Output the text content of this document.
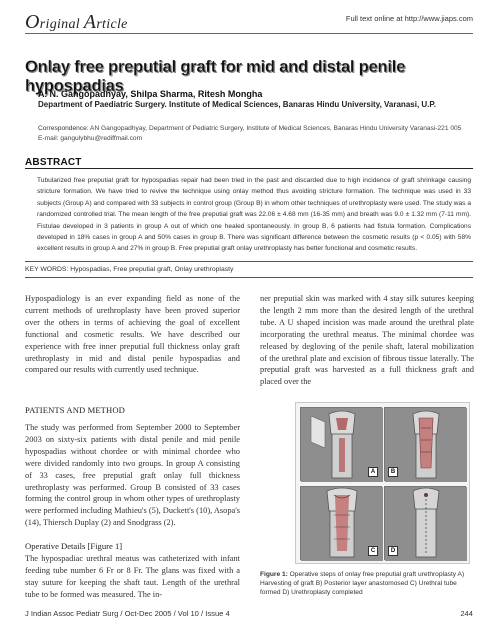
Original Article	Full text online at http://www.jiaps.com
Onlay free preputial graft for mid and distal penile hypospadias
A. N. Gangopadhyay, Shilpa Sharma, Ritesh Mongha
Department of Paediatric Surgery. Institute of Medical Sciences, Banaras Hindu University, Varanasi, U.P.
Correspondence: AN Gangopadhyay, Department of Pediatric Surgery, Institute of Medical Sciences, Banaras Hindu University Varanasi-221 005 E-mail: gangulybhu@rediffmail.com
ABSTRACT
Tubularized free preputial graft for hypospadias repair had been tried in the past and discarded due to high incidence of graft shrinkage causing stricture formation. We have tried to revive the technique using onlay method thus avoiding stricture formation. The technique was used in 33 subjects (Group A) and compared with 33 subjects in control group (Group B) in whom other techniques of urethroplasty were used. The study was a randomized controlled trial. The mean length of the free preputial graft was 22.06 ± 4.68 mm (16-35 mm) and breath was 9.0 ± 1.32 mm (7-11 mm). Fistulae developed in 3 patients in group A out of which one healed spontaneously. In group B, 6 patients had fistula formation. Complications developed in 18% cases in group A and 50% cases in group B. There was significant difference between the cosmetic results (p < 0.05) with 58% excellent results in group A and 27% in group B. Free preputial graft onlay urethroplasty has better functional and cosmetic results.
KEY WORDS: Hypospadias, Free preputial graft, Onlay urethroplasty
Hypospadiology is an ever expanding field as none of the current methods of urethroplasty have been proved superior over the others in terms of achieving the goal of excellent functional and cosmetic results. We have described our experience with free inner preputial full thickness onlay graft urethroplasty in mid and distal penile hypospadias and compared our results with currently used technique.
ner preputial skin was marked with 4 stay silk sutures keeping the length 2 mm more than the desired length of the urethral tube. A U shaped incision was made around the urethral plate incorporating the urethral meatus. The minimal chordee was released by degloving of the penile shaft, lateral mobilization of the urethral plate and excision of fibrous tissue laterally. The preputial graft was harvested as a full thickness graft and placed over the
PATIENTS AND METHOD
The study was performed from September 2000 to September 2003 on sixty-six patients with distal penile and mid penile hypospadias without chordee or with minimal chordee who were divided randomly into two groups. In group A consisting of 33 cases, free preputial graft onlay full thickness urethroplasty was performed. Group B consisted of 33 cases forming the control group in whom other types of urethroplasty were performed including Mathieu's (5), Duckett's (10), Asopa's (14), Thiersch Duplay (2) and Snodgrass (2).
Operative Details [Figure 1]
The hypospadiac urethral meatus was catheterized with infant feeding tube number 6 Fr or 8 Fr. The glans was fixed with a stay suture for keeping the shaft taut. Length of the urethral tube to be formed was measured. The in-
A	B
C	D
Figure 1: Operative steps of onlay free preputial graft urethroplasty A) Harvesting of graft B) Posterior layer anastomosed C) Urethral tube formed D) Urethroplasty completed
J Indian Assoc Pediatr Surg / Oct-Dec 2005 / Vol 10 / Issue 4	244
